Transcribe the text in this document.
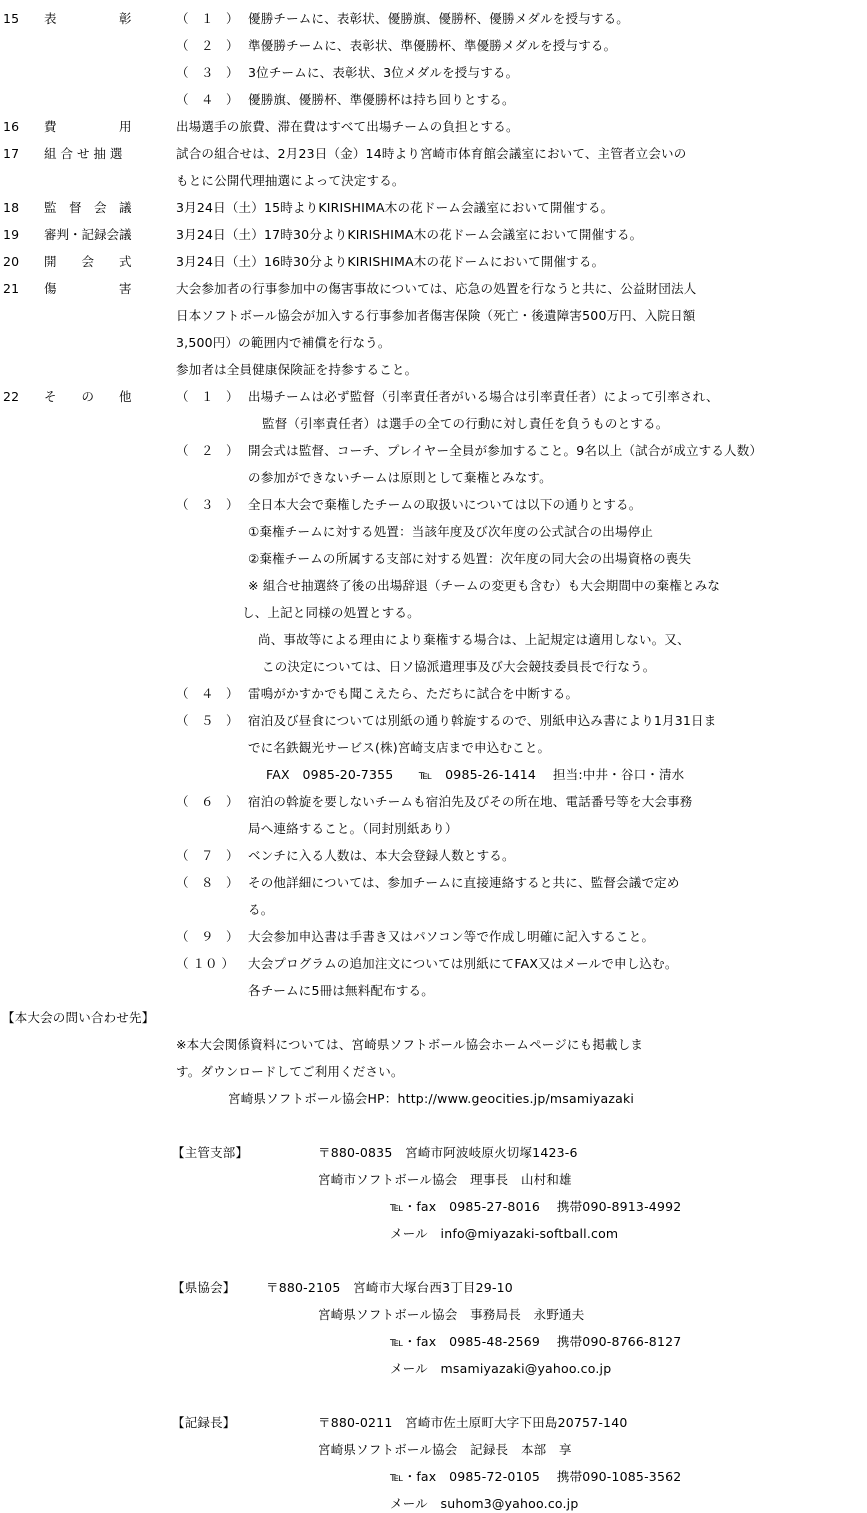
15 表　　　　　彰	（　１　） 優勝チームに、表彰状、優勝旗、優勝杯、優勝メダルを授与する。
（　２　） 準優勝チームに、表彰状、準優勝杯、準優勝メダルを授与する。
（　３　） 3位チームに、表彰状、3位メダルを授与する。
（　４　） 優勝旗、優勝杯、準優勝杯は持ち回りとする。
16 費　　　　　用	出場選手の旅費、滞在費はすべて出場チームの負担とする。
17 組 合 せ 抽 選	試合の組合せは、2月23日（金）14時より宮崎市体育館会議室において、主管者立会いの
もとに公開代理抽選によって決定する。
18 監　督　会　議	3月24日（土）15時よりKIRISHIMA木の花ドーム会議室において開催する。
19 審判・記録会議	3月24日（土）17時30分よりKIRISHIMA木の花ドーム会議室において開催する。
20 開　　会　　式	3月24日（土）16時30分よりKIRISHIMA木の花ドームにおいて開催する。
21 傷　　　　　害	大会参加者の行事参加中の傷害事故については、応急の処置を行なうと共に、公益財団法人
日本ソフトボール協会が加入する行事参加者傷害保険（死亡・後遺障害500万円、入院日額
3,500円）の範囲内で補償を行なう。
参加者は全員健康保険証を持参すること。
22 そ　　の　　他	（　１　） 出場チームは必ず監督（引率責任者がいる場合は引率責任者）によって引率され、
監督（引率責任者）は選手の全ての行動に対し責任を負うものとする。
（　２　） 開会式は監督、コーチ、プレイヤー全員が参加すること。9名以上（試合が成立する人数）
の参加ができないチームは原則として棄権とみなす。
（　３　） 全日本大会で棄権したチームの取扱いについては以下の通りとする。
①棄権チームに対する処置：当該年度及び次年度の公式試合の出場停止
②棄権チームの所属する支部に対する処置：次年度の同大会の出場資格の喪失
※ 組合せ抽選終了後の出場辞退（チームの変更も含む）も大会期間中の棄権とみな
し、上記と同様の処置とする。
尚、事故等による理由により棄権する場合は、上記規定は適用しない。又、
この決定については、日ソ協派遣理事及び大会競技委員長で行なう。
（　４　） 雷鳴がかすかでも聞こえたら、ただちに試合を中断する。
（　５　） 宿泊及び昼食については別紙の通り斡旋するので、別紙申込み書により1月31日ま
でに名鉄観光サービス(株)宮崎支店まで申込むこと。
FAX　0985-20-7355　　℡　0985-26-1414　 担当:中井・谷口・清水
（　６　） 宿泊の斡旋を要しないチームも宿泊先及びその所在地、電話番号等を大会事務
局へ連絡すること。（同封別紙あり）
（　７　） ベンチに入る人数は、本大会登録人数とする。
（　８　） その他詳細については、参加チームに直接連絡すると共に、監督会議で定め
る。
（　９　） 大会参加申込書は手書き又はパソコン等で作成し明確に記入すること。
（ １０ ） 大会プログラムの追加注文については別紙にてFAX又はメールで申し込む。
各チームに5冊は無料配布する。
【本大会の問い合わせ先】
※本大会関係資料については、宮崎県ソフトボール協会ホームページにも掲載しま
す。ダウンロードしてご利用ください。
宮崎県ソフトボール協会HP：http://www.geocities.jp/msamiyazaki
【主管支部】	〒880-0835　宮崎市阿波岐原火切塚1423-6
宮崎市ソフトボール協会　理事長　山村和雄
℡・fax　0985-27-8016　 携帯090-8913-4992
メール　info@miyazaki-softball.com
【県協会】 〒880-2105　宮崎市大塚台西3丁目29-10
宮崎県ソフトボール協会　事務局長　永野通夫
℡・fax　0985-48-2569　 携帯090-8766-8127
メール　msamiyazaki@yahoo.co.jp
【記録長】	〒880-0211　宮崎市佐土原町大字下田島20757-140
宮崎県ソフトボール協会　記録長　本部　享
℡・fax　0985-72-0105　 携帯090-1085-3562
メール　suhom3@yahoo.co.jp
